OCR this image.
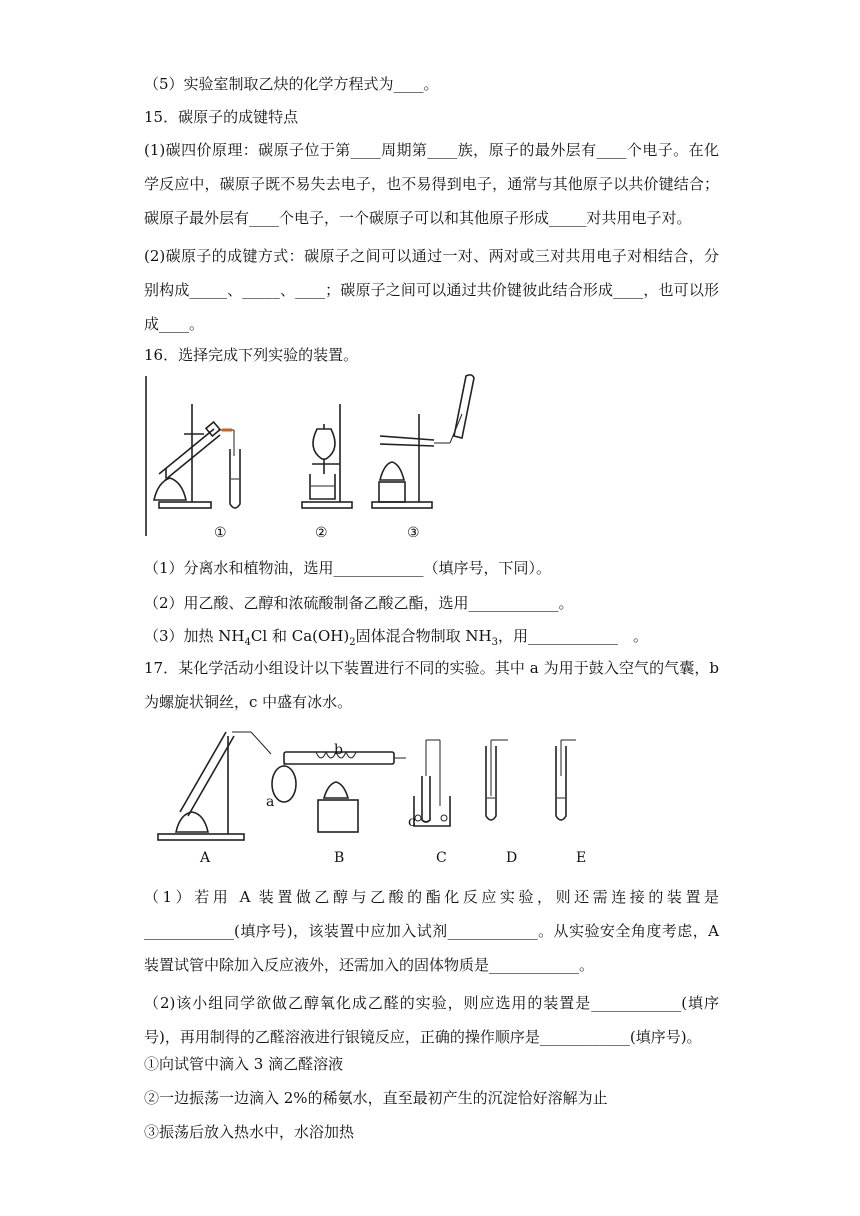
（5）实验室制取乙炔的化学方程式为____。
15．碳原子的成键特点
(1)碳四价原理：碳原子位于第____周期第____族，原子的最外层有____个电子。在化学反应中，碳原子既不易失去电子，也不易得到电子，通常与其他原子以共价键结合；碳原子最外层有____个电子，一个碳原子可以和其他原子形成_____对共用电子对。
(2)碳原子的成键方式：碳原子之间可以通过一对、两对或三对共用电子对相结合，分别构成_____、_____、____；碳原子之间可以通过共价键彼此结合形成____，也可以形成____。
16．选择完成下列实验的装置。
①	②	③
（1）分离水和植物油，选用____________（填序号，下同）。
（2）用乙酸、乙醇和浓硫酸制备乙酸乙酯，选用____________。
（3）加热 $NH_4Cl$ 和 $Ca(OH)_2$固体混合物制取 $NH_3$，用____________　。
17．某化学活动小组设计以下装置进行不同的实验。其中 a 为用于鼓入空气的气囊，b 为螺旋状铜丝，c 中盛有冰水。
a
b
c
A	B	C	D	E
（1）若用 A 装置做乙醇与乙酸的酯化反应实验，则还需连接的装置是____________(填序号)，该装置中应加入试剂____________。从实验安全角度考虑，A 装置试管中除加入反应液外，还需加入的固体物质是____________。
（2)该小组同学欲做乙醇氧化成乙醛的实验，则应选用的装置是____________(填序号)，再用制得的乙醛溶液进行银镜反应，正确的操作顺序是____________(填序号)。
①向试管中滴入 3 滴乙醛溶液
②一边振荡一边滴入 2%的稀氨水，直至最初产生的沉淀恰好溶解为止
③振荡后放入热水中，水浴加热
